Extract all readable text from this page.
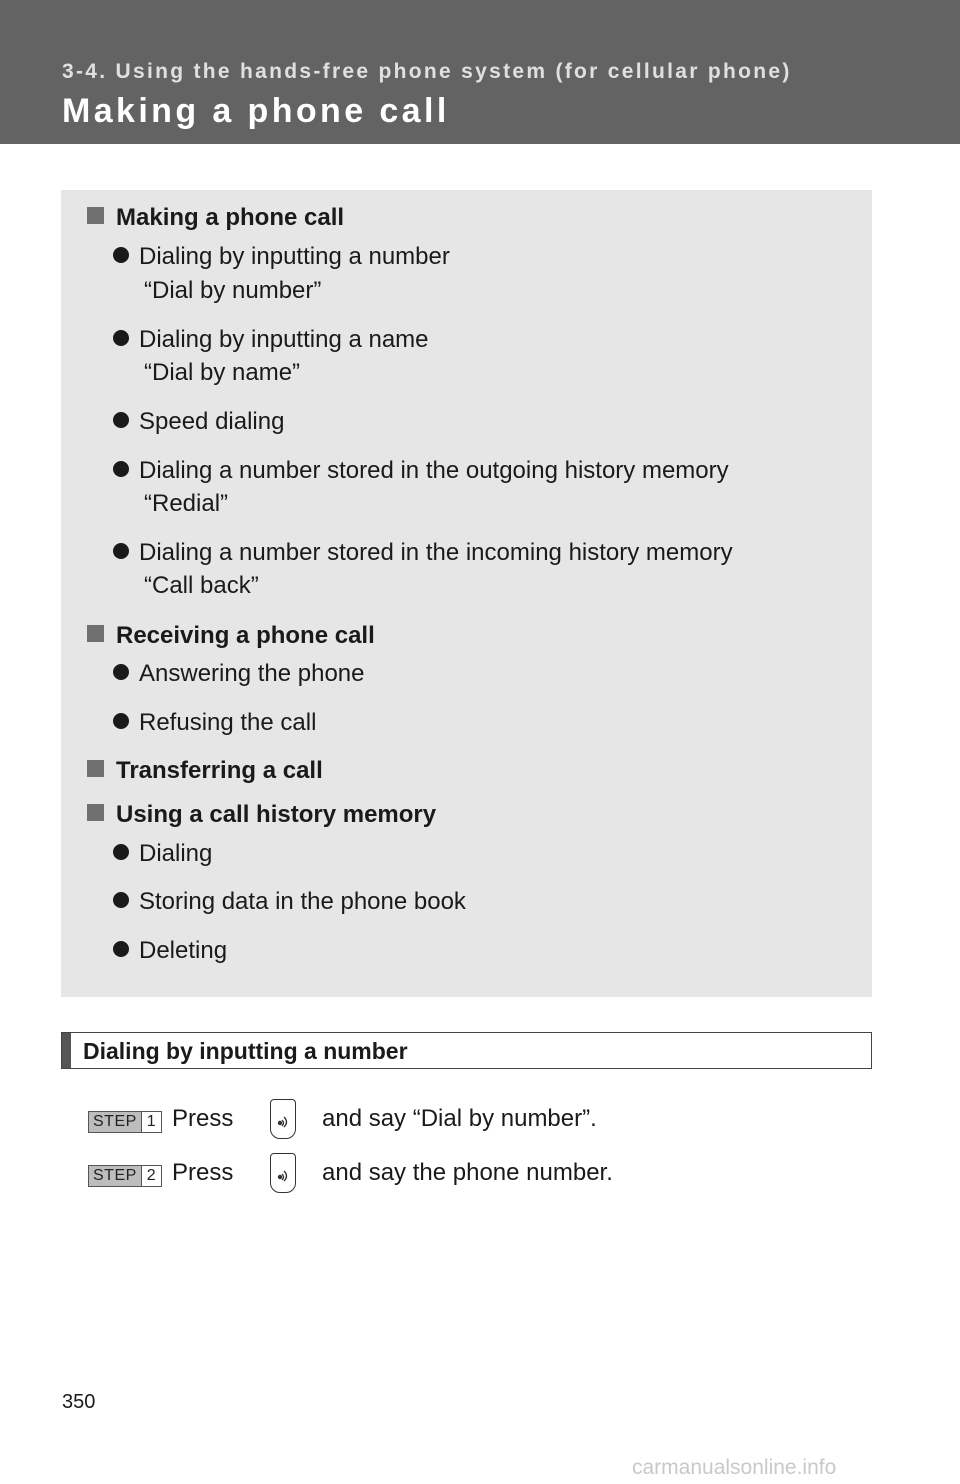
3-4. Using the hands-free phone system (for cellular phone)
Making a phone call
Making a phone call
Dialing by inputting a number
“Dial by number”
Dialing by inputting a name
“Dial by name”
Speed dialing
Dialing a number stored in the outgoing history memory
“Redial”
Dialing a number stored in the incoming history memory
“Call back”
Receiving a phone call
Answering the phone
Refusing the call
Transferring a call
Using a call history memory
Dialing
Storing data in the phone book
Deleting
Dialing by inputting a number
STEP 1 Press	and say “Dial by number”.
STEP 2 Press	and say the phone number.
350
carmanualsonline.info
